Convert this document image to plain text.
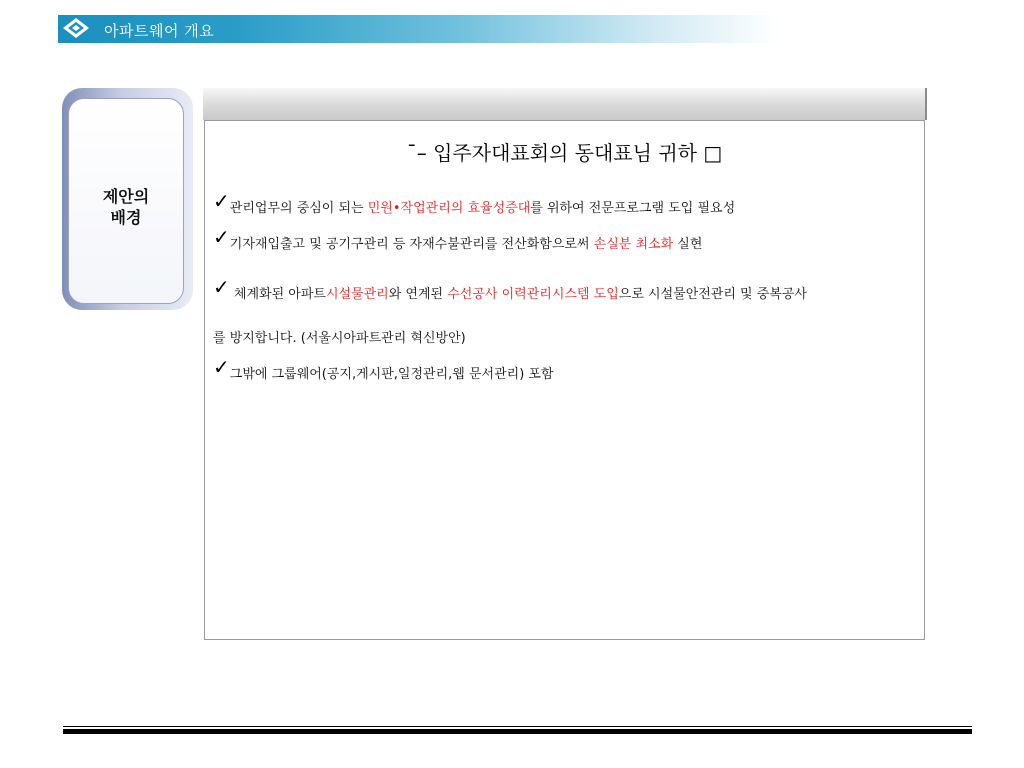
아파트웨어 개요
제안의
배경
¯– 입주자대표회의 동대표님 귀하 □
✓관리업무의 중심이 되는 민원•작업관리의 효율성증대를 위하여 전문프로그램 도입 필요성
✓기자재입출고 및 공기구관리 등 자재수불관리를 전산화함으로써 손실분 최소화 실현
✓ 체계화된 아파트시설물관리와 연계된 수선공사 이력관리시스템 도입으로 시설물안전관리 및 중복공사
를 방지합니다. (서울시아파트관리 혁신방안)
✓그밖에 그룹웨어(공지,게시판,일정관리,웹 문서관리) 포함
